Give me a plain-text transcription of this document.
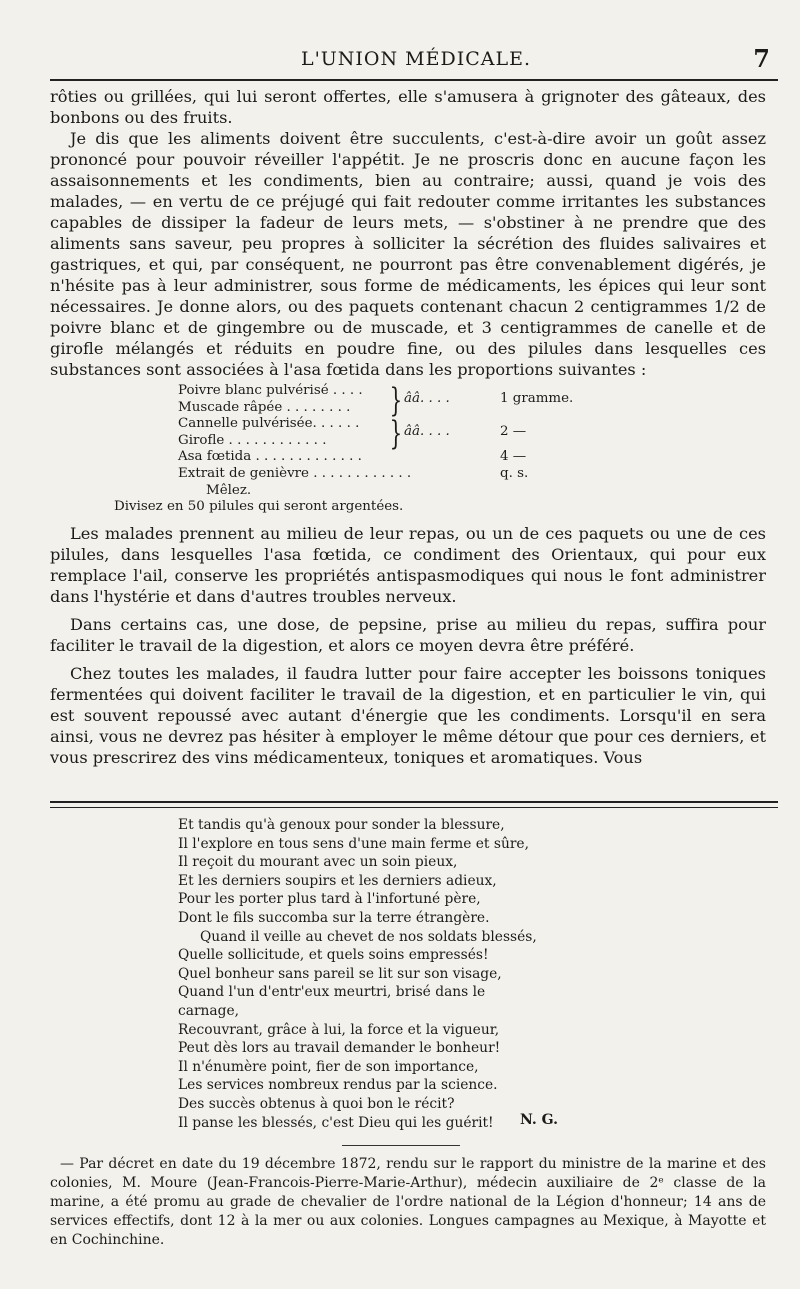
L'UNION MÉDICALE.	7

rôties ou grillées, qui lui seront offertes, elle s'amusera à grignoter des gâteaux, des bonbons ou des fruits.

Je dis que les aliments doivent être succulents, c'est-à-dire avoir un goût assez prononcé pour pouvoir réveiller l'appétit. Je ne proscris donc en aucune façon les assaisonnements et les condiments, bien au contraire; aussi, quand je vois des malades, — en vertu de ce préjugé qui fait redouter comme irritantes les substances capables de dissiper la fadeur de leurs mets, — s'obstiner à ne prendre que des aliments sans saveur, peu propres à solliciter la sécrétion des fluides salivaires et gastriques, et qui, par conséquent, ne pourront pas être convenablement digérés, je n'hésite pas à leur administrer, sous forme de médicaments, les épices qui leur sont nécessaires. Je donne alors, ou des paquets contenant chacun 2 centigrammes 1/2 de poivre blanc et de gingembre ou de muscade, et 3 centigrammes de canelle et de girofle mélangés et réduits en poudre fine, ou des pilules dans lesquelles ces substances sont associées à l'asa fœtida dans les proportions suivantes :

Poivre blanc pulvérisé . . . .
Muscade râpée . . . . . . . .	} ââ. . . .	1 gramme.
Cannelle pulvérisée. . . . . .
Girofle . . . . . . . . . . . .	} ââ. . . .	2 —
Asa fœtida . . . . . . . . . . . . .	4 —
Extrait de genièvre . . . . . . . . . . . .	q. s.
Mêlez.
Divisez en 50 pilules qui seront argentées.

Les malades prennent au milieu de leur repas, ou un de ces paquets ou une de ces pilules, dans lesquelles l'asa fœtida, ce condiment des Orientaux, qui pour eux remplace l'ail, conserve les propriétés antispasmodiques qui nous le font administrer dans l'hystérie et dans d'autres troubles nerveux.

Dans certains cas, une dose, de pepsine, prise au milieu du repas, suffira pour faciliter le travail de la digestion, et alors ce moyen devra être préféré.

Chez toutes les malades, il faudra lutter pour faire accepter les boissons toniques fermentées qui doivent faciliter le travail de la digestion, et en particulier le vin, qui est souvent repoussé avec autant d'énergie que les condiments. Lorsqu'il en sera ainsi, vous ne devrez pas hésiter à employer le même détour que pour ces derniers, et vous prescrirez des vins médicamenteux, toniques et aromatiques. Vous

Et tandis qu'à genoux pour sonder la blessure,
Il l'explore en tous sens d'une main ferme et sûre,
Il reçoit du mourant avec un soin pieux,
Et les derniers soupirs et les derniers adieux,
Pour les porter plus tard à l'infortuné père,
Dont le fils succomba sur la terre étrangère.
Quand il veille au chevet de nos soldats blessés,
Quelle sollicitude, et quels soins empressés!
Quel bonheur sans pareil se lit sur son visage,
Quand l'un d'entr'eux meurtri, brisé dans le carnage,
Recouvrant, grâce à lui, la force et la vigueur,
Peut dès lors au travail demander le bonheur!
Il n'énumère point, fier de son importance,
Les services nombreux rendus par la science.
Des succès obtenus à quoi bon le récit?
Il panse les blessés, c'est Dieu qui les guérit!	N. G.
— Par décret en date du 19 décembre 1872, rendu sur le rapport du ministre de la marine et des colonies, M. Moure (Jean-Francois-Pierre-Marie-Arthur), médecin auxiliaire de 2ᵉ classe de la marine, a été promu au grade de chevalier de l'ordre national de la Légion d'honneur; 14 ans de services effectifs, dont 12 à la mer ou aux colonies. Longues campagnes au Mexique, à Mayotte et en Cochinchine.
